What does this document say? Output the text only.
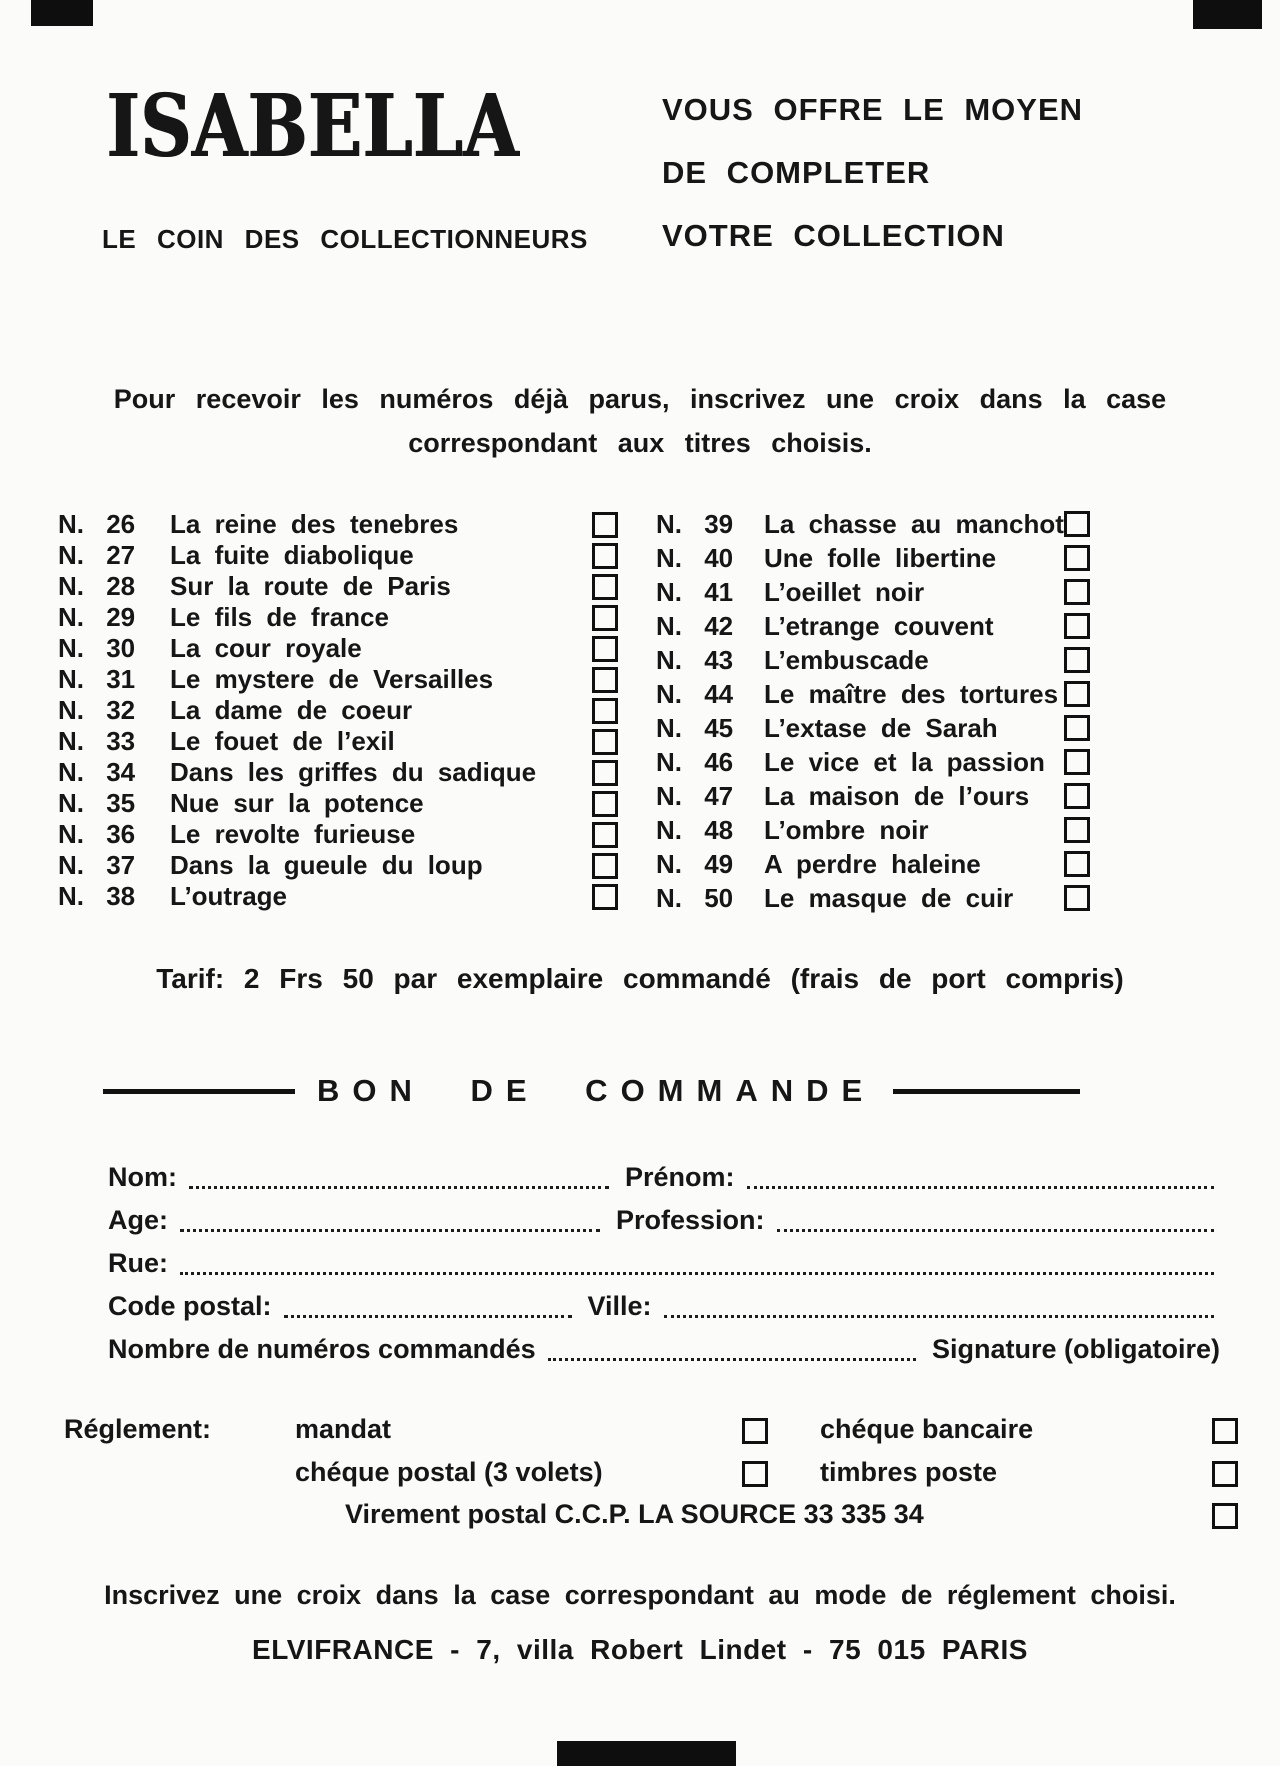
ISABELLA
LE COIN DES COLLECTIONNEURS
VOUS OFFRE LE MOYEN
DE COMPLETER
VOTRE COLLECTION
Pour recevoir les numéros déjà parus, inscrivez une croix dans la case
correspondant aux titres choisis.
N. 26	La reine des tenebres
N. 27	La fuite diabolique
N. 28	Sur la route de Paris
N. 29	Le fils de france
N. 30	La cour royale
N. 31	Le mystere de Versailles
N. 32	La dame de coeur
N. 33	Le fouet de l’exil
N. 34	Dans les griffes du sadique
N. 35	Nue sur la potence
N. 36	Le revolte furieuse
N. 37	Dans la gueule du loup
N. 38	L’outrage
N. 39	La chasse au manchot
N. 40	Une folle libertine
N. 41	L’oeillet noir
N. 42	L’etrange couvent
N. 43	L’embuscade
N. 44	Le maître des tortures
N. 45	L’extase de Sarah
N. 46	Le vice et la passion
N. 47	La maison de l’ours
N. 48	L’ombre noir
N. 49	A perdre haleine
N. 50	Le masque de cuir
Tarif: 2 Frs 50 par exemplaire commandé (frais de port compris)
BON DE COMMANDE
Nom:	Prénom:
Age:	Profession:
Rue:
Code postal:	Ville:
Nombre de numéros commandés	Signature (obligatoire)
Réglement:	mandat	chéque bancaire
chéque postal (3 volets)	timbres poste
Virement postal C.C.P. LA SOURCE 33 335 34
Inscrivez une croix dans la case correspondant au mode de réglement choisi.
ELVIFRANCE - 7, villa Robert Lindet - 75 015 PARIS
